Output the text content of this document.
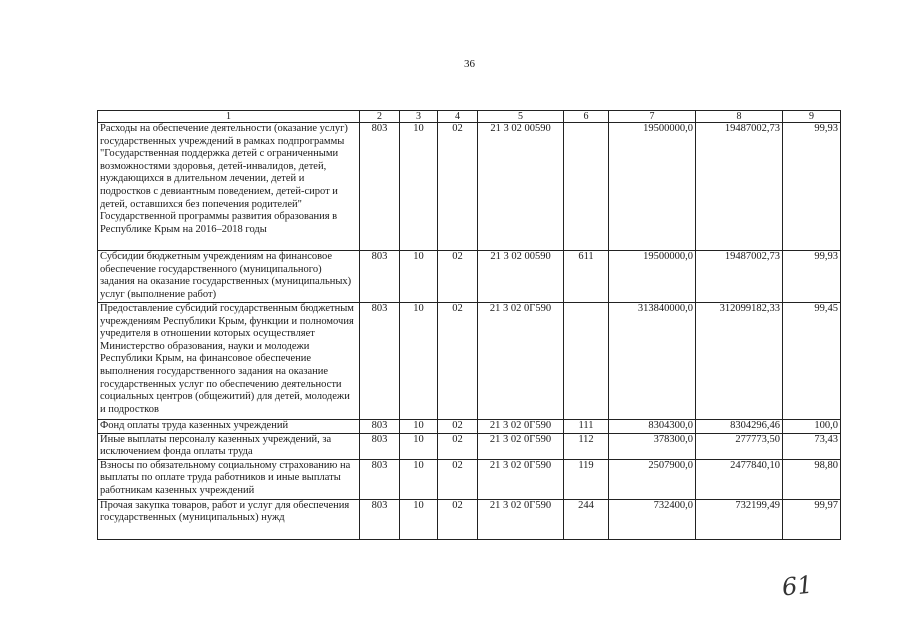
36
1	2	3	4	5	6	7	8	9
Расходы на обеспечение деятельности (оказание услуг) государственных учреждений в рамках подпрограммы "Государственная поддержка детей с ограниченными возможностями здоровья, детей-инвалидов, детей, нуждающихся в длительном лечении, детей и подростков с девиантным поведением, детей-сирот и детей, оставшихся без попечения родителей" Государственной программы развития образования в Республике Крым на 2016–2018 годы	803	10	02	21 3 02 00590		19500000,0	19487002,73	99,93
Субсидии бюджетным учреждениям на финансовое обеспечение государственного (муниципального) задания на оказание государственных (муниципальных) услуг (выполнение работ)	803	10	02	21 3 02 00590	611	19500000,0	19487002,73	99,93
Предоставление субсидий государственным бюджетным учреждениям Республики Крым, функции и полномочия учредителя в отношении которых осуществляет Министерство образования, науки и молодежи Республики Крым, на финансовое обеспечение выполнения государственного задания на оказание государственных услуг по обеспечению деятельности социальных центров (общежитий) для детей, молодежи и подростков	803	10	02	21 3 02 0Г590		313840000,0	312099182,33	99,45
Фонд оплаты труда казенных учреждений	803	10	02	21 3 02 0Г590	111	8304300,0	8304296,46	100,0
Иные выплаты персоналу казенных учреждений, за исключением фонда оплаты труда	803	10	02	21 3 02 0Г590	112	378300,0	277773,50	73,43
Взносы по обязательному социальному страхованию на выплаты по оплате труда работников и иные выплаты работникам казенных учреждений	803	10	02	21 3 02 0Г590	119	2507900,0	2477840,10	98,80
Прочая закупка товаров, работ и услуг для обеспечения государственных (муниципальных) нужд	803	10	02	21 3 02 0Г590	244	732400,0	732199,49	99,97
61
